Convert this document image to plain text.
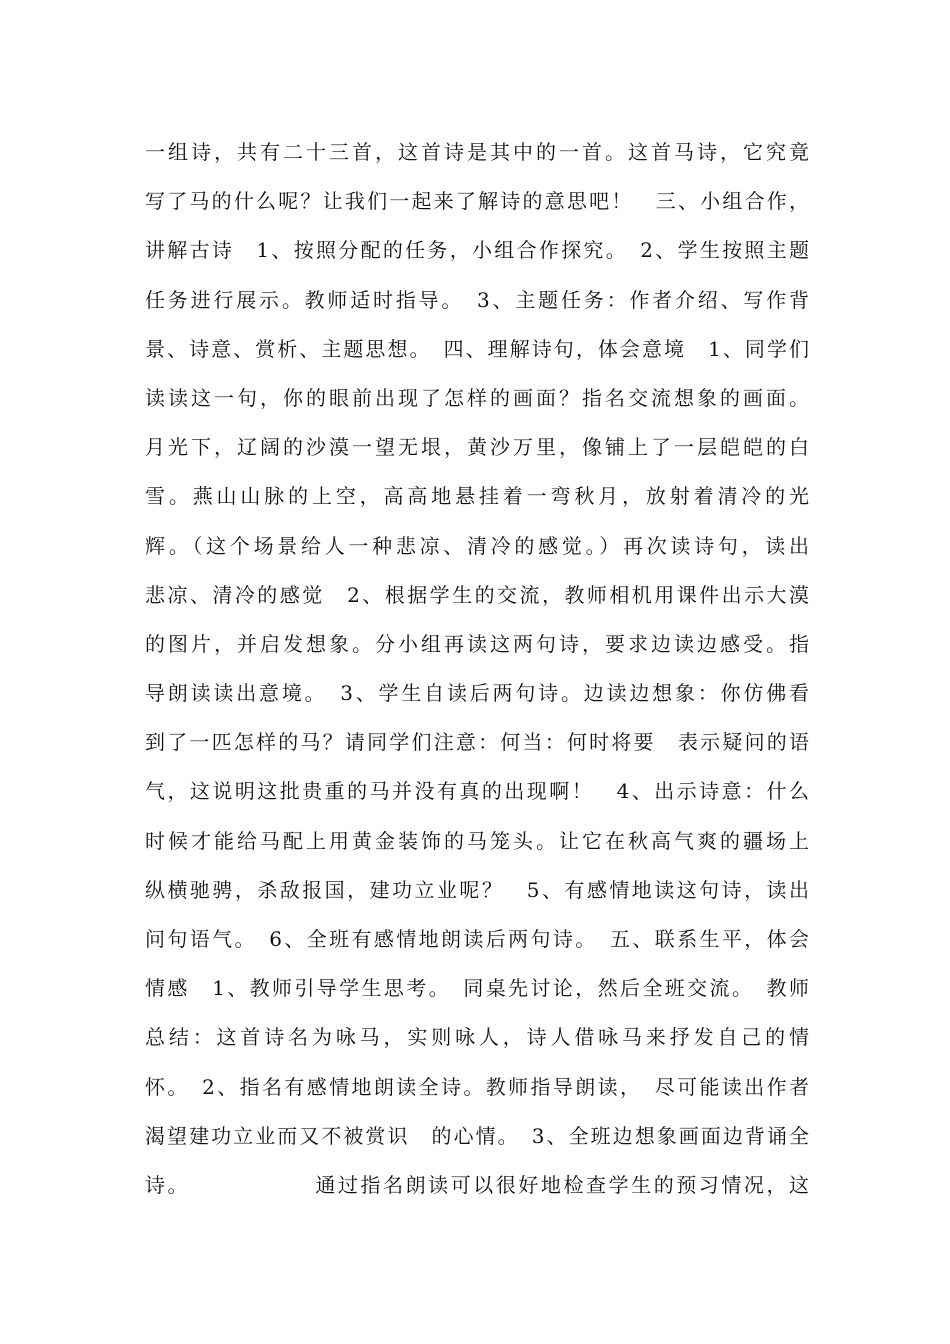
一组诗，共有二十三首，这首诗是其中的一首。这首马诗，它究竟
写了马的什么呢？让我们一起来了解诗的意思吧！　三、小组合作，
讲解古诗　1、按照分配的任务，小组合作探究。　2、学生按照主题
任务进行展示。教师适时指导。　3、主题任务：作者介绍、写作背
景、诗意、赏析、主题思想。　四、理解诗句，体会意境　1、同学们
读读这一句，你的眼前出现了怎样的画面？指名交流想象的画面。
月光下，辽阔的沙漠一望无垠，黄沙万里，像铺上了一层皑皑的白
雪。燕山山脉的上空，高高地悬挂着一弯秋月，放射着清冷的光
辉。（这个场景给人一种悲凉、清冷的感觉。）再次读诗句，读出
悲凉、清冷的感觉　2、根据学生的交流，教师相机用课件出示大漠
的图片，并启发想象。分小组再读这两句诗，要求边读边感受。指
导朗读读出意境。　3、学生自读后两句诗。边读边想象：你仿佛看
到了一匹怎样的马？请同学们注意：何当：何时将要　表示疑问的语
气，这说明这批贵重的马并没有真的出现啊！　4、出示诗意：什么
时候才能给马配上用黄金装饰的马笼头。让它在秋高气爽的疆场上
纵横驰骋，杀敌报国，建功立业呢？　5、有感情地读这句诗，读出
问句语气。　6、全班有感情地朗读后两句诗。　五、联系生平，体会
情感　1、教师引导学生思考。　同桌先讨论，然后全班交流。　教师
总结：这首诗名为咏马，实则咏人，诗人借咏马来抒发自己的情
怀。　2、指名有感情地朗读全诗。教师指导朗读，　尽可能读出作者
渴望建功立业而又不被赏识　的心情。　3、全班边想象画面边背诵全
诗。　　　　　　通过指名朗读可以很好地检查学生的预习情况，这
